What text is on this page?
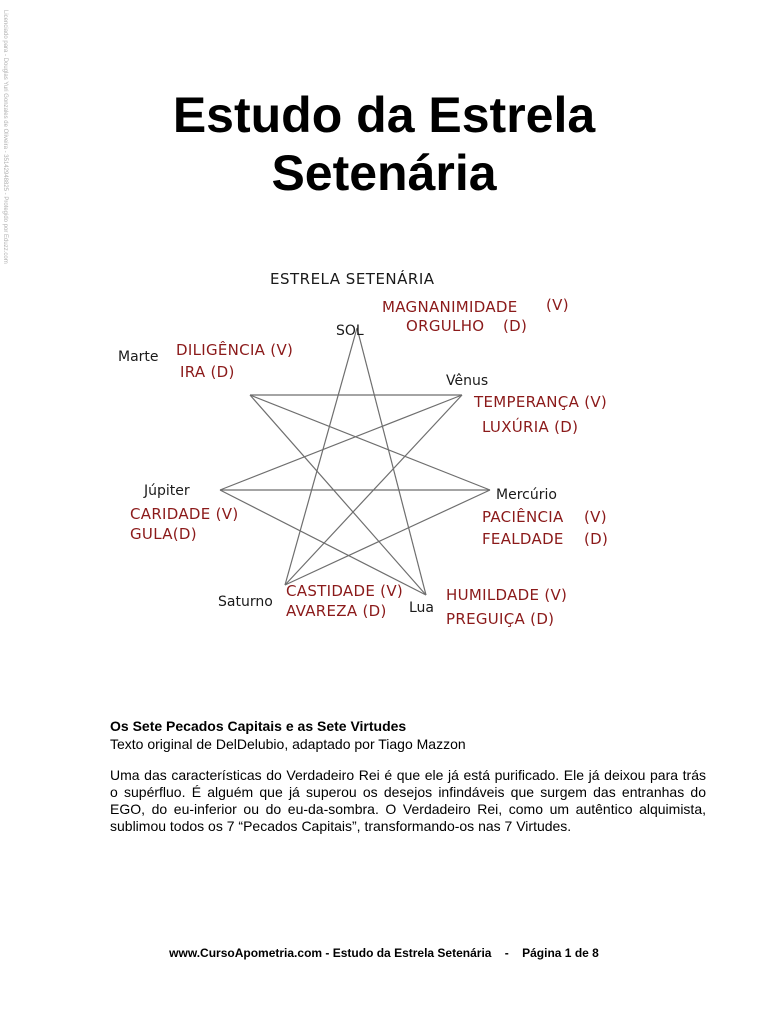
Licenciado para - Douglas Yuri Gonzales de Oliveira - 35142948825 - Protegido por Eduzz.com	Estudo da Estrela
Setenária
ESTRELA SETENÁRIA
SOL
MAGNANIMIDADE (V)
ORGULHO (D)
Marte DILIGÊNCIA (V)
IRA (D)	Vênus
TEMPERANÇA (V)
LUXÚRIA (D)
Júpiter
CARIDADE (V)
GULA(D)
Mercúrio
PACIÊNCIA (V)
FEALDADE (D)
Saturno
CASTIDADE (V)
AVAREZA (D) Lua
HUMILDADE (V)
PREGUIÇA (D)
Os Sete Pecados Capitais e as Sete Virtudes
Texto original de DelDelubio, adaptado por Tiago Mazzon
Uma das características do Verdadeiro Rei é que ele já está purificado. Ele já deixou para trás o supérfluo. É alguém que já superou os desejos infindáveis que surgem das entranhas do EGO, do eu-inferior ou do eu-da-sombra. O Verdadeiro Rei, como um autêntico alquimista, sublimou todos os 7 “Pecados Capitais”, transformando-os nas 7 Virtudes.
www.CursoApometria.com - Estudo da Estrela Setenária    -    Página 1 de 8
